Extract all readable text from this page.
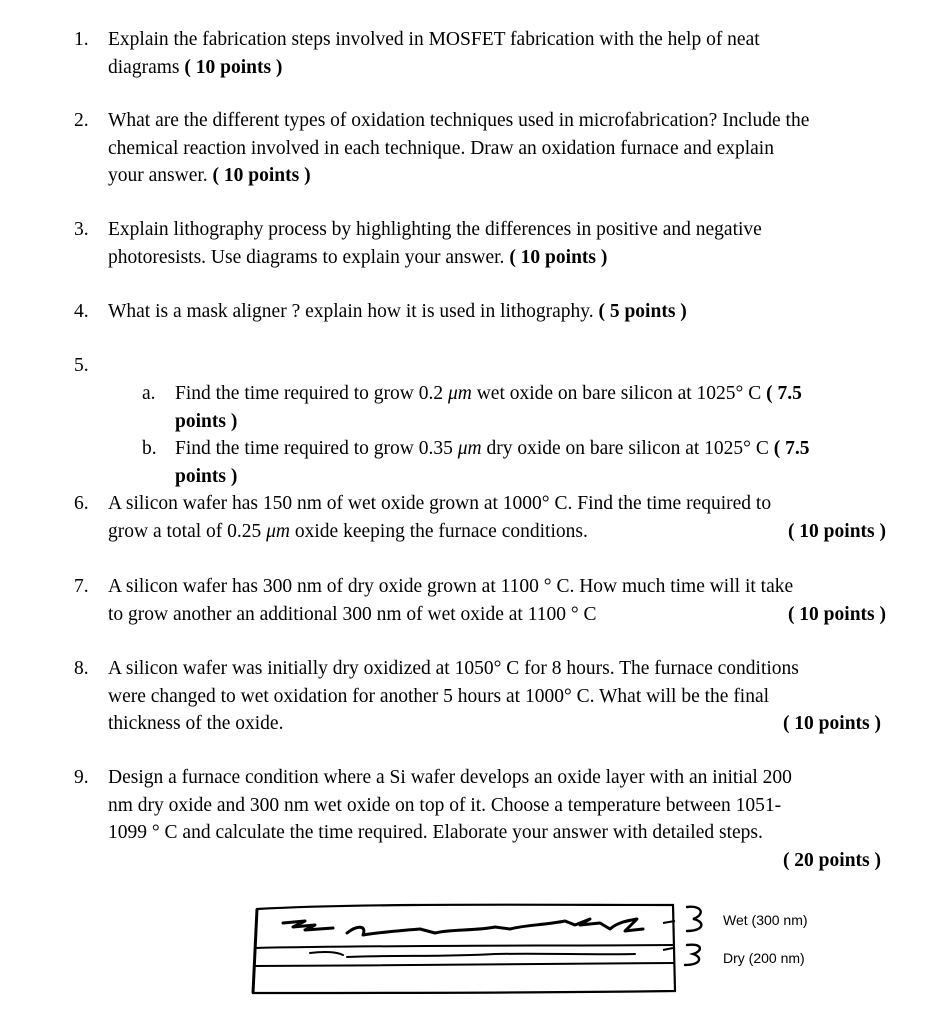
1. Explain the fabrication steps involved in MOSFET fabrication with the help of neat
diagrams ( 10 points )
2. What are the different types of oxidation techniques used in microfabrication? Include the
chemical reaction involved in each technique. Draw an oxidation furnace and explain
your answer. ( 10 points )
3. Explain lithography process by highlighting the differences in positive and negative
photoresists. Use diagrams to explain your answer. ( 10 points )
4. What is a mask aligner ? explain how it is used in lithography. ( 5 points )
5.
a. Find the time required to grow 0.2 μm wet oxide on bare silicon at 1025° C ( 7.5
points )
b. Find the time required to grow 0.35 μm dry oxide on bare silicon at 1025° C ( 7.5
points )
6. A silicon wafer has 150 nm of wet oxide grown at 1000° C. Find the time required to
grow a total of 0.25 μm oxide keeping the furnace conditions.	( 10 points )
7. A silicon wafer has 300 nm of dry oxide grown at 1100 ° C. How much time will it take
to grow another an additional 300 nm of wet oxide at 1100 ° C	( 10 points )
8. A silicon wafer was initially dry oxidized at 1050° C for 8 hours. The furnace conditions
were changed to wet oxidation for another 5 hours at 1000° C. What will be the final
thickness of the oxide.	( 10 points )
9. Design a furnace condition where a Si wafer develops an oxide layer with an initial 200
nm dry oxide and 300 nm wet oxide on top of it. Choose a temperature between 1051-
1099 ° C and calculate the time required. Elaborate your answer with detailed steps.
( 20 points )

Wet (300 nm)
Dry (200 nm)
